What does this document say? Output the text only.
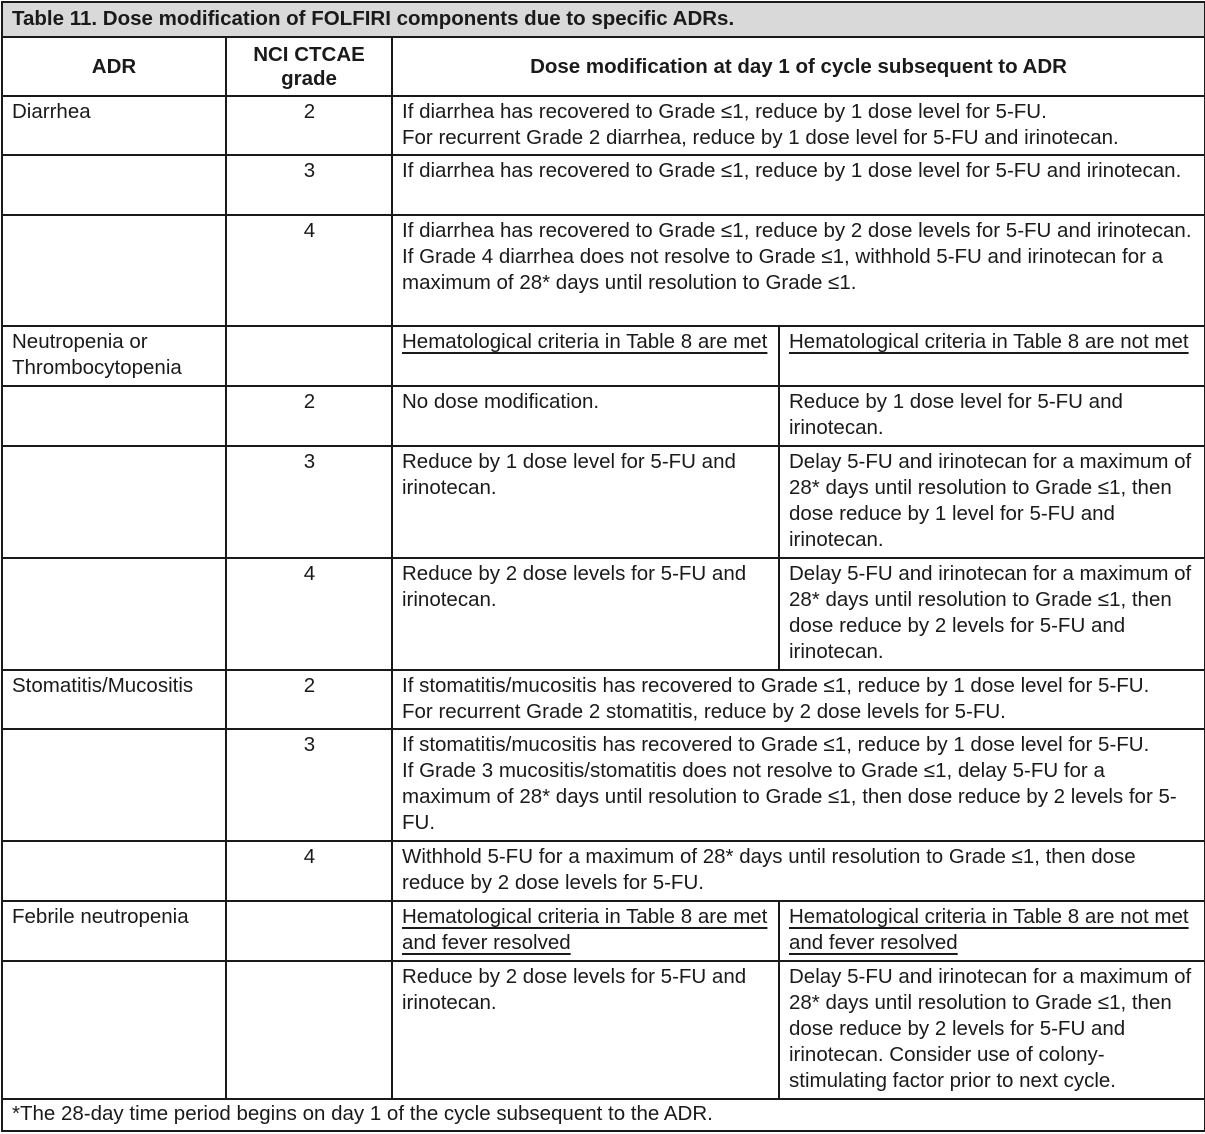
Table 11. Dose modification of FOLFIRI components due to specific ADRs.			
ADR	NCI CTCAE grade	Dose modification at day 1 of cycle subsequent to ADR	
Diarrhea	2	If diarrhea has recovered to Grade ≤1, reduce by 1 dose level for 5-FU.

For recurrent Grade 2 diarrhea, reduce by 1 dose level for 5-FU and irinotecan.	

	3	If diarrhea has recovered to Grade ≤1, reduce by 1 dose level for 5-FU and irinotecan.	

	4	If diarrhea has recovered to Grade ≤1, reduce by 2 dose levels for 5-FU and irinotecan.

If Grade 4 diarrhea does not resolve to Grade ≤1, withhold 5-FU and irinotecan for a maximum of 28* days until resolution to Grade ≤1.	

Neutropenia or Thrombocytopenia		Hematological criteria in Table 8 are met	Hematological criteria in Table 8 are not met
	2	No dose modification.	Reduce by 1 dose level for 5-FU and irinotecan.
	3	Reduce by 1 dose level for 5-FU and irinotecan.	Delay 5-FU and irinotecan for a maximum of 28* days until resolution to Grade ≤1, then dose reduce by 1 level for 5-FU and irinotecan.
	4	Reduce by 2 dose levels for 5-FU and irinotecan.	Delay 5-FU and irinotecan for a maximum of 28* days until resolution to Grade ≤1, then dose reduce by 2 levels for 5-FU and irinotecan.
Stomatitis/Mucositis	2	If stomatitis/mucositis has recovered to Grade ≤1, reduce by 1 dose level for 5-FU.

For recurrent Grade 2 stomatitis, reduce by 2 dose levels for 5-FU.	

	3	If stomatitis/mucositis has recovered to Grade ≤1, reduce by 1 dose level for 5-FU.

If Grade 3 mucositis/stomatitis does not resolve to Grade ≤1, delay 5-FU for a maximum of 28* days until resolution to Grade ≤1, then dose reduce by 2 levels for 5-FU.	

	4	Withhold 5-FU for a maximum of 28* days until resolution to Grade ≤1, then dose reduce by 2 dose levels for 5-FU.	

Febrile neutropenia		Hematological criteria in Table 8 are met and fever resolved	Hematological criteria in Table 8 are not met and fever resolved
		Reduce by 2 dose levels for 5-FU and irinotecan.	Delay 5-FU and irinotecan for a maximum of 28* days until resolution to Grade ≤1, then dose reduce by 2 levels for 5-FU and irinotecan. Consider use of colony-stimulating factor prior to next cycle.
*The 28-day time period begins on day 1 of the cycle subsequent to the ADR.			
